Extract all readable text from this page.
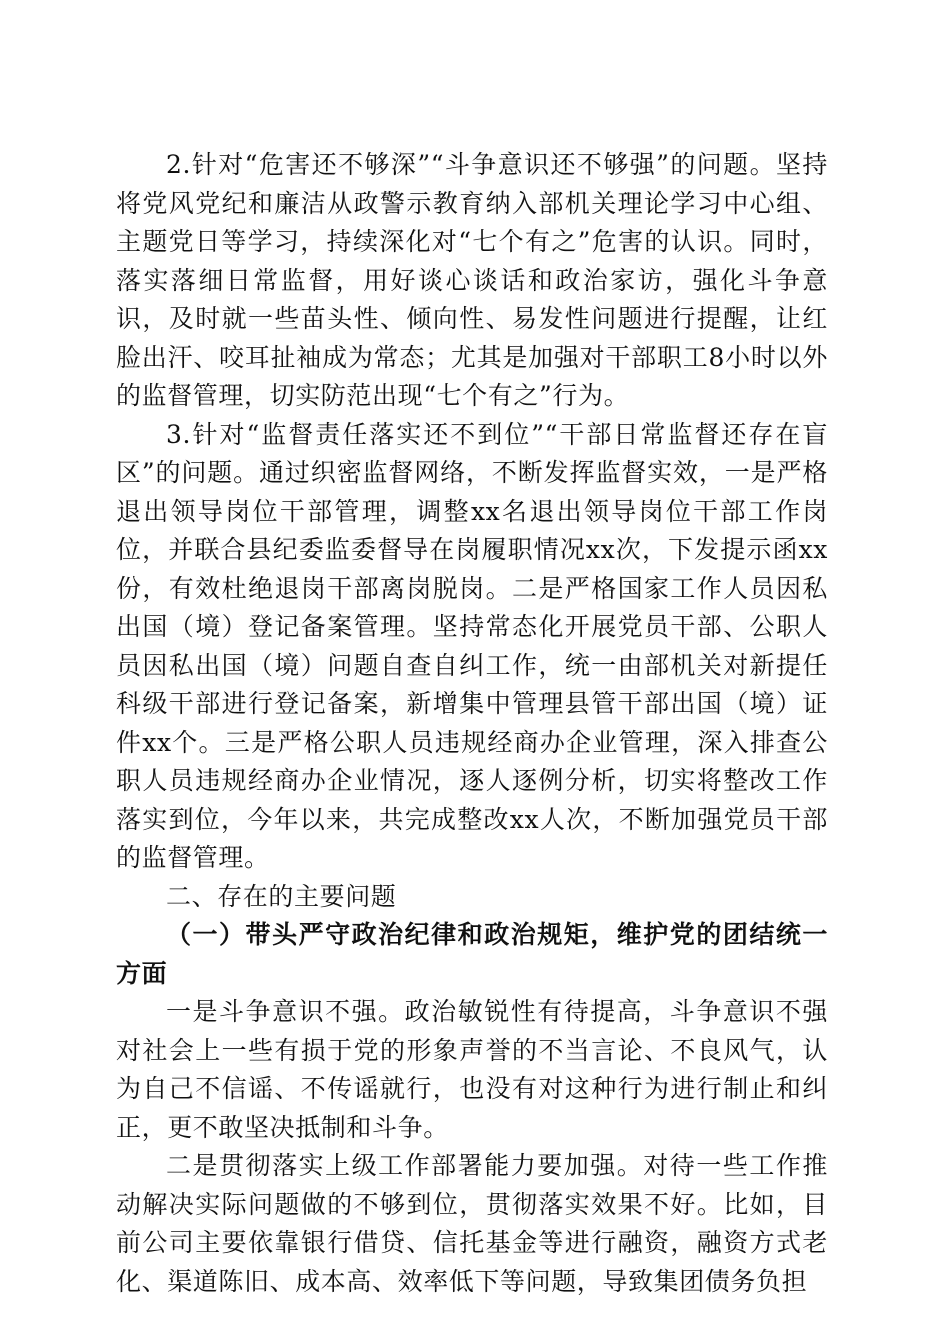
2.针对“危害还不够深”“斗争意识还不够强”的问题。坚持将党风党纪和廉洁从政警示教育纳入部机关理论学习中心组、主题党日等学习，持续深化对“七个有之”危害的认识。同时，落实落细日常监督，用好谈心谈话和政治家访，强化斗争意识，及时就一些苗头性、倾向性、易发性问题进行提醒，让红脸出汗、咬耳扯袖成为常态；尤其是加强对干部职工8小时以外的监督管理，切实防范出现“七个有之”行为。

3.针对“监督责任落实还不到位”“干部日常监督还存在盲区”的问题。通过织密监督网络，不断发挥监督实效，一是严格退出领导岗位干部管理，调整xx名退出领导岗位干部工作岗位，并联合县纪委监委督导在岗履职情况xx次，下发提示函xx份，有效杜绝退岗干部离岗脱岗。二是严格国家工作人员因私出国（境）登记备案管理。坚持常态化开展党员干部、公职人员因私出国（境）问题自查自纠工作，统一由部机关对新提任科级干部进行登记备案，新增集中管理县管干部出国（境）证件xx个。三是严格公职人员违规经商办企业管理，深入排查公职人员违规经商办企业情况，逐人逐例分析，切实将整改工作落实到位，今年以来，共完成整改xx人次，不断加强党员干部的监督管理。

二、存在的主要问题

（一）带头严守政治纪律和政治规矩，维护党的团结统一方面

一是斗争意识不强。政治敏锐性有待提高，斗争意识不强对社会上一些有损于党的形象声誉的不当言论、不良风气，认为自己不信谣、不传谣就行，也没有对这种行为进行制止和纠正，更不敢坚决抵制和斗争。

二是贯彻落实上级工作部署能力要加强。对待一些工作推动解决实际问题做的不够到位，贯彻落实效果不好。比如，目前公司主要依靠银行借贷、信托基金等进行融资，融资方式老化、渠道陈旧、成本高、效率低下等问题，导致集团债务负担
